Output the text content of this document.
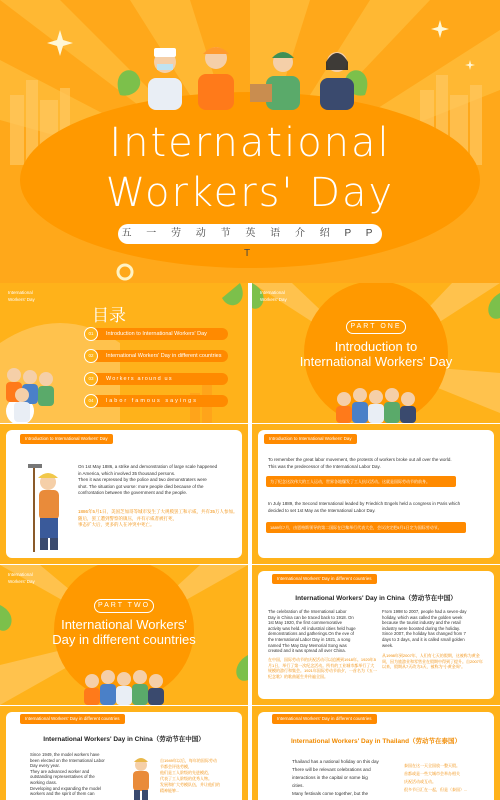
International
Workers' Day
五 一 劳 动 节 英 语 介 绍 P P T
International
Workers' Day
目录
01	Introduction to International Workers' Day
02	International Workers' Day in different countries
03	Workers around us
04	labor famous sayings
International
Workers' Day
PART ONE
Introduction to
International Workers' Day
Introduction to International Workers' Day
On 1st May 1886, a strike and demonstration of large scale happened
in America, which involved 35 thousand persons.
Then it was repressed by the police and two demonstraters were
shot. The situation got worse: more people died because of the
confrontation between the government and the people.
1886年5月1日，美国芝加哥等城市发生了大规模罢工和示威，共有35万人参加。
随后，罢工遭到警察的镇压，并有示威者被打死，
事态扩大后，更多的人在冲突中死亡。
Introduction to International Workers' Day
To remember the great labor movement, the protests of workers broke out all over the world.
This was the predecessor of the International Labor Day.
为了纪念这次伟大的工人运动，世界各地爆发了工人抗议活动。这就是国际劳动节的前身。
In July 1889, the Second International leaded by Friedrich Engels held a congress in Paris which
decided to set 1st May as the International Labor Day.
1889年7月，由恩格斯领导的第二国际在巴黎举行代表大会，会议决定把5月1日定为国际劳动节。
International
Workers' Day
PART TWO
International Workers'
Day in different countries
International Workers' Day in different countries
International Workers' Day in China（劳动节在中国）
The celebration of the International Labor
Day in China can be traced back to 1918. On
1st May 1920, the first commemorative
activity was held. All industrial cities held huge
demonstrations and gatherings.On the eve of
the International Labor Day in 1921, a song
named The May Day Memorial Song was
created and it was spread all over China.
From 1998 to 2007, people had a seven-day
holiday, which was called the golden week
because the tourist industry and the retail
industry were boosted during the holiday.
Since 2007, the holiday has changed from 7
days to 3 days, and it is called small golden
week.
在中国，国际劳动节的庆祝活动可以追溯到1918年。1920年5月1日，举行了第一次纪念活动。所有的工业城市都举行了大规模的游行和集会。1921年国际劳动节前夕，一首名为《五一纪念歌》的歌曲诞生并传遍全国。
从1998年到2007年，人们有七天的假期，这被称为黄金周，因为旅游业和零售业在假期中得到了提升。自2007年以来，假期从7天改为3天，被称为“小黄金周”。
International Workers' Day in different countries
International Workers' Day in China（劳动节在中国）
Since 1949, the model workers have
been elected on the International Labor
Day every year.
They are advanced worker and
outstanding representatives of the
working class.
Developing and expanding the model
workers and the spirit of them can
自1949年以后，每年的国际劳动
节都会评选劳模，
他们是工人阶级的先进模范，
代表了工人阶级的优秀人物。
发展和扩大劳模队伍，并让他们的
精神能够...
International Workers' Day in different countries
International Workers' Day in Thailand（劳动节在泰国）
Thailand has a national holiday on this day
There will be relevant celebrations and
interactions in the capital or some big
cities.
Many festivals come together, but the
泰国在这一天全国放一整天假。
首都或是一些大城市会举办相关
庆祝活动或互动。
很多节日汇在一起，但是（泰国）...
